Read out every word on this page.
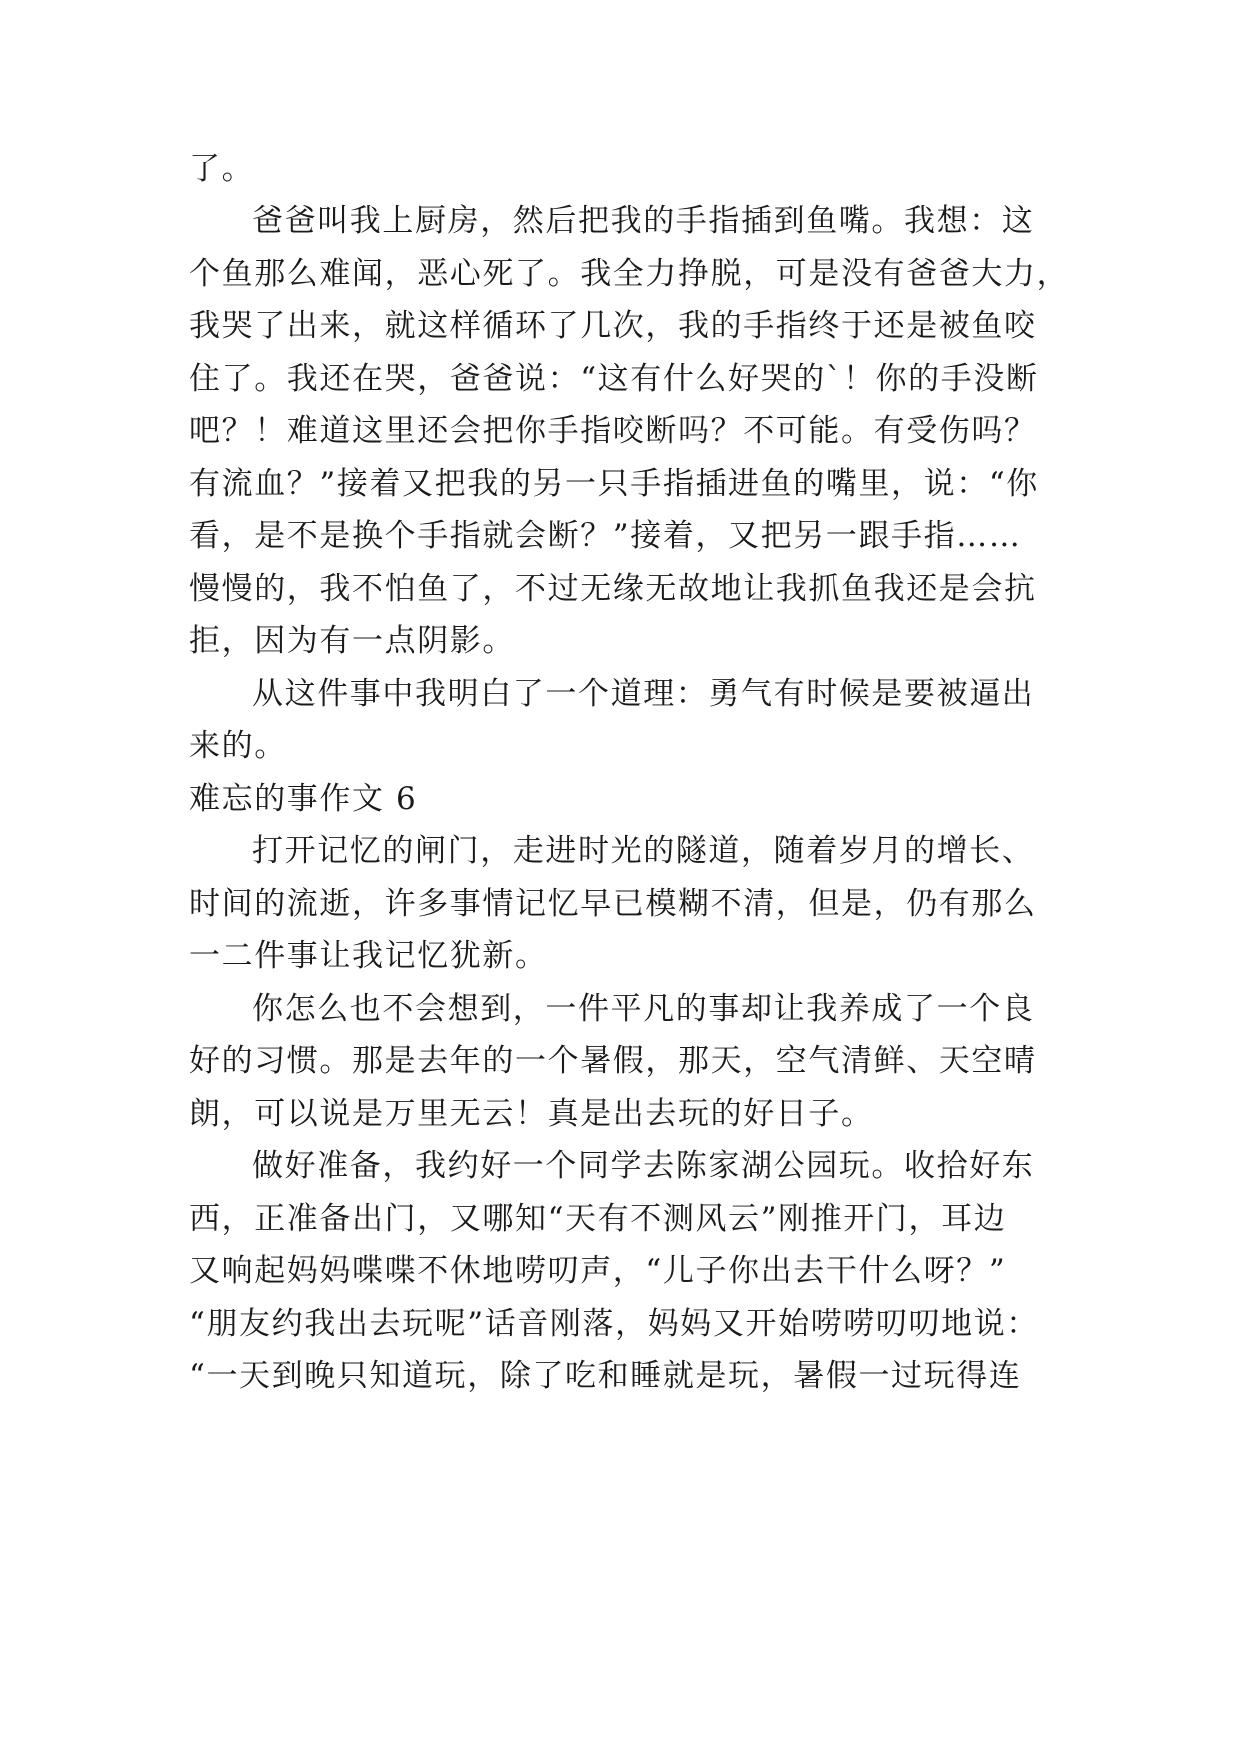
了。
爸爸叫我上厨房，然后把我的手指插到鱼嘴。我想：这
个鱼那么难闻，恶心死了。我全力挣脱，可是没有爸爸大力，
我哭了出来，就这样循环了几次，我的手指终于还是被鱼咬
住了。我还在哭，爸爸说：“这有什么好哭的`！你的手没断
吧？！难道这里还会把你手指咬断吗？不可能。有受伤吗？
有流血？”接着又把我的另一只手指插进鱼的嘴里，说：“你
看，是不是换个手指就会断？”接着，又把另一跟手指……
慢慢的，我不怕鱼了，不过无缘无故地让我抓鱼我还是会抗
拒，因为有一点阴影。
从这件事中我明白了一个道理：勇气有时候是要被逼出
来的。
难忘的事作文 6
打开记忆的闸门，走进时光的隧道，随着岁月的增长、
时间的流逝，许多事情记忆早已模糊不清，但是，仍有那么
一二件事让我记忆犹新。
你怎么也不会想到，一件平凡的事却让我养成了一个良
好的习惯。那是去年的一个暑假，那天，空气清鲜、天空晴
朗，可以说是万里无云！真是出去玩的好日子。
做好准备，我约好一个同学去陈家湖公园玩。收拾好东
西，正准备出门，又哪知“天有不测风云”刚推开门，耳边
又响起妈妈喋喋不休地唠叨声，“儿子你出去干什么呀？”
“朋友约我出去玩呢”话音刚落，妈妈又开始唠唠叨叨地说：
“一天到晚只知道玩，除了吃和睡就是玩，暑假一过玩得连
